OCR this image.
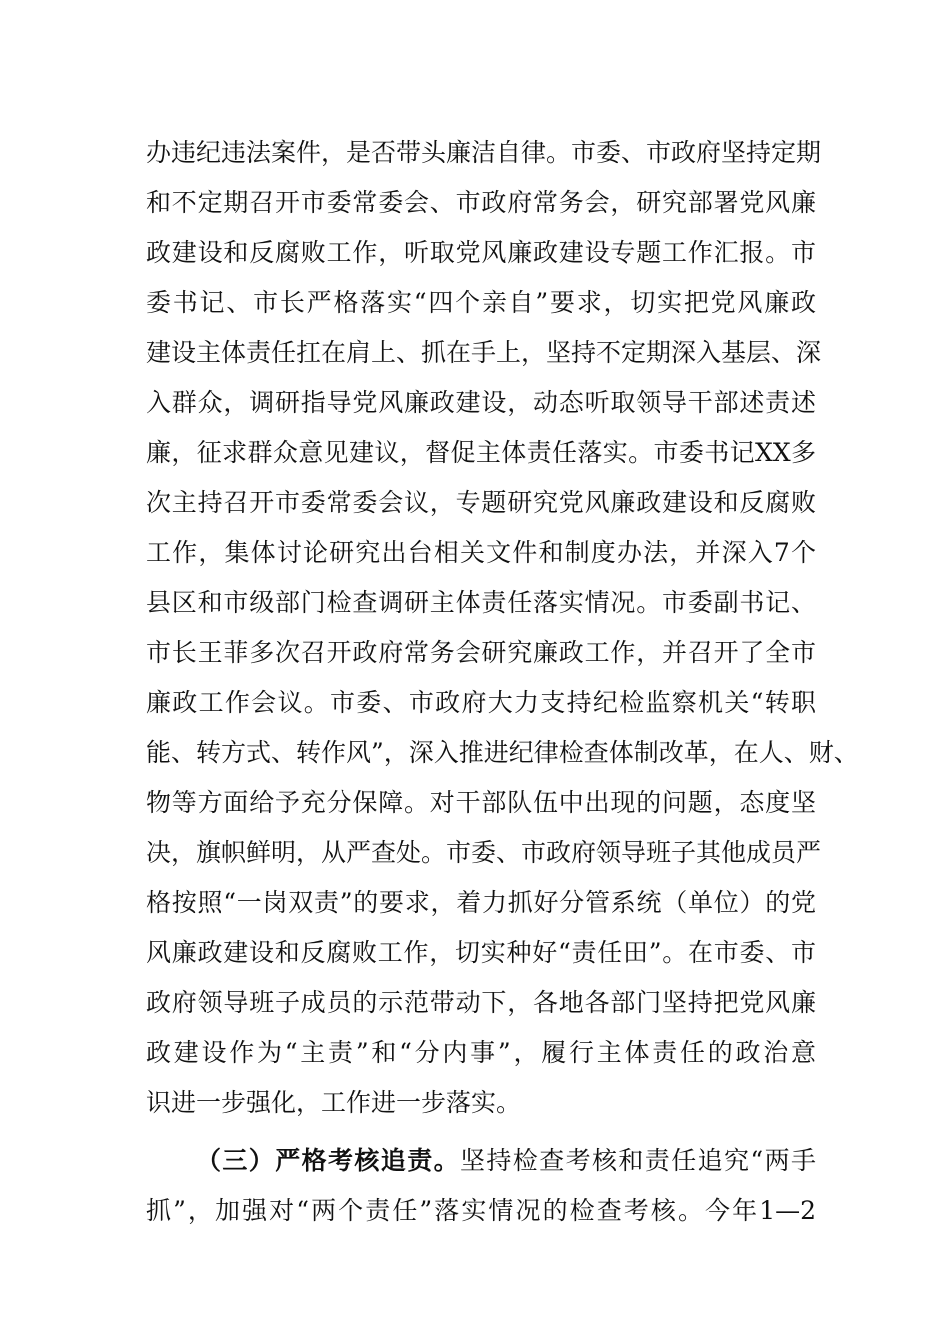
办违纪违法案件，是否带头廉洁自律。市委、市政府坚持定期
和不定期召开市委常委会、市政府常务会，研究部署党风廉
政建设和反腐败工作，听取党风廉政建设专题工作汇报。市
委书记、市长严格落实“四个亲自”要求，切实把党风廉政
建设主体责任扛在肩上、抓在手上，坚持不定期深入基层、深
入群众，调研指导党风廉政建设，动态听取领导干部述责述
廉，征求群众意见建议，督促主体责任落实。市委书记XX多
次主持召开市委常委会议，专题研究党风廉政建设和反腐败
工作，集体讨论研究出台相关文件和制度办法，并深入7个
县区和市级部门检查调研主体责任落实情况。市委副书记、
市长王菲多次召开政府常务会研究廉政工作，并召开了全市
廉政工作会议。市委、市政府大力支持纪检监察机关“转职
能、转方式、转作风”，深入推进纪律检查体制改革，在人、财、
物等方面给予充分保障。对干部队伍中出现的问题，态度坚
决，旗帜鲜明，从严查处。市委、市政府领导班子其他成员严
格按照“一岗双责”的要求，着力抓好分管系统（单位）的党
风廉政建设和反腐败工作，切实种好“责任田”。在市委、市
政府领导班子成员的示范带动下，各地各部门坚持把党风廉
政建设作为“主责”和“分内事”，履行主体责任的政治意
识进一步强化，工作进一步落实。
（三）严格考核追责。坚持检查考核和责任追究“两手
抓”，加强对“两个责任”落实情况的检查考核。今年1—2
